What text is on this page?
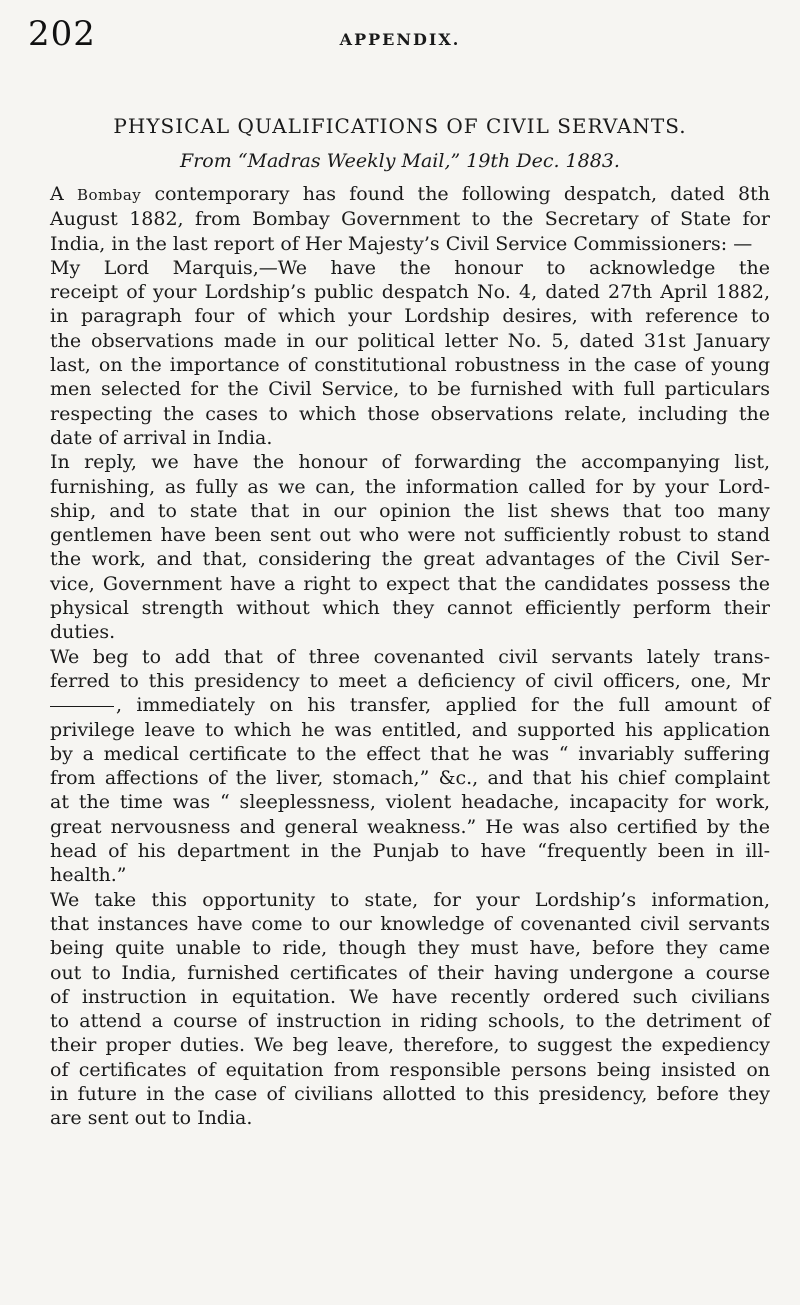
202	APPENDIX.
PHYSICAL QUALIFICATIONS OF CIVIL SERVANTS.
From “Madras Weekly Mail,” 19th Dec. 1883.
A Bombay contemporary has found the following despatch, dated 8th
August 1882, from Bombay Government to the Secretary of State for
India, in the last report of Her Majesty’s Civil Service Commissioners: —
My Lord Marquis,—We have the honour to acknowledge the
receipt of your Lordship’s public despatch No. 4, dated 27th April 1882,
in paragraph four of which your Lordship desires, with reference to
the observations made in our political letter No. 5, dated 31st January
last, on the importance of constitutional robustness in the case of young
men selected for the Civil Service, to be furnished with full particulars
respecting the cases to which those observations relate, including the
date of arrival in India.
In reply, we have the honour of forwarding the accompanying list,
furnishing, as fully as we can, the information called for by your Lord-
ship, and to state that in our opinion the list shews that too many
gentlemen have been sent out who were not sufficiently robust to stand
the work, and that, considering the great advantages of the Civil Ser-
vice, Government have a right to expect that the candidates possess the
physical strength without which they cannot efficiently perform their
duties.
We beg to add that of three covenanted civil servants lately trans-
ferred to this presidency to meet a deficiency of civil officers, one, Mr
, immediately on his transfer, applied for the full amount of
privilege leave to which he was entitled, and supported his application
by a medical certificate to the effect that he was “ invariably suffering
from affections of the liver, stomach,” &c., and that his chief complaint
at the time was “ sleeplessness, violent headache, incapacity for work,
great nervousness and general weakness.” He was also certified by the
head of his department in the Punjab to have “frequently been in ill-
health.”
We take this opportunity to state, for your Lordship’s information,
that instances have come to our knowledge of covenanted civil servants
being quite unable to ride, though they must have, before they came
out to India, furnished certificates of their having undergone a course
of instruction in equitation. We have recently ordered such civilians
to attend a course of instruction in riding schools, to the detriment of
their proper duties. We beg leave, therefore, to suggest the expediency
of certificates of equitation from responsible persons being insisted on
in future in the case of civilians allotted to this presidency, before they
are sent out to India.
